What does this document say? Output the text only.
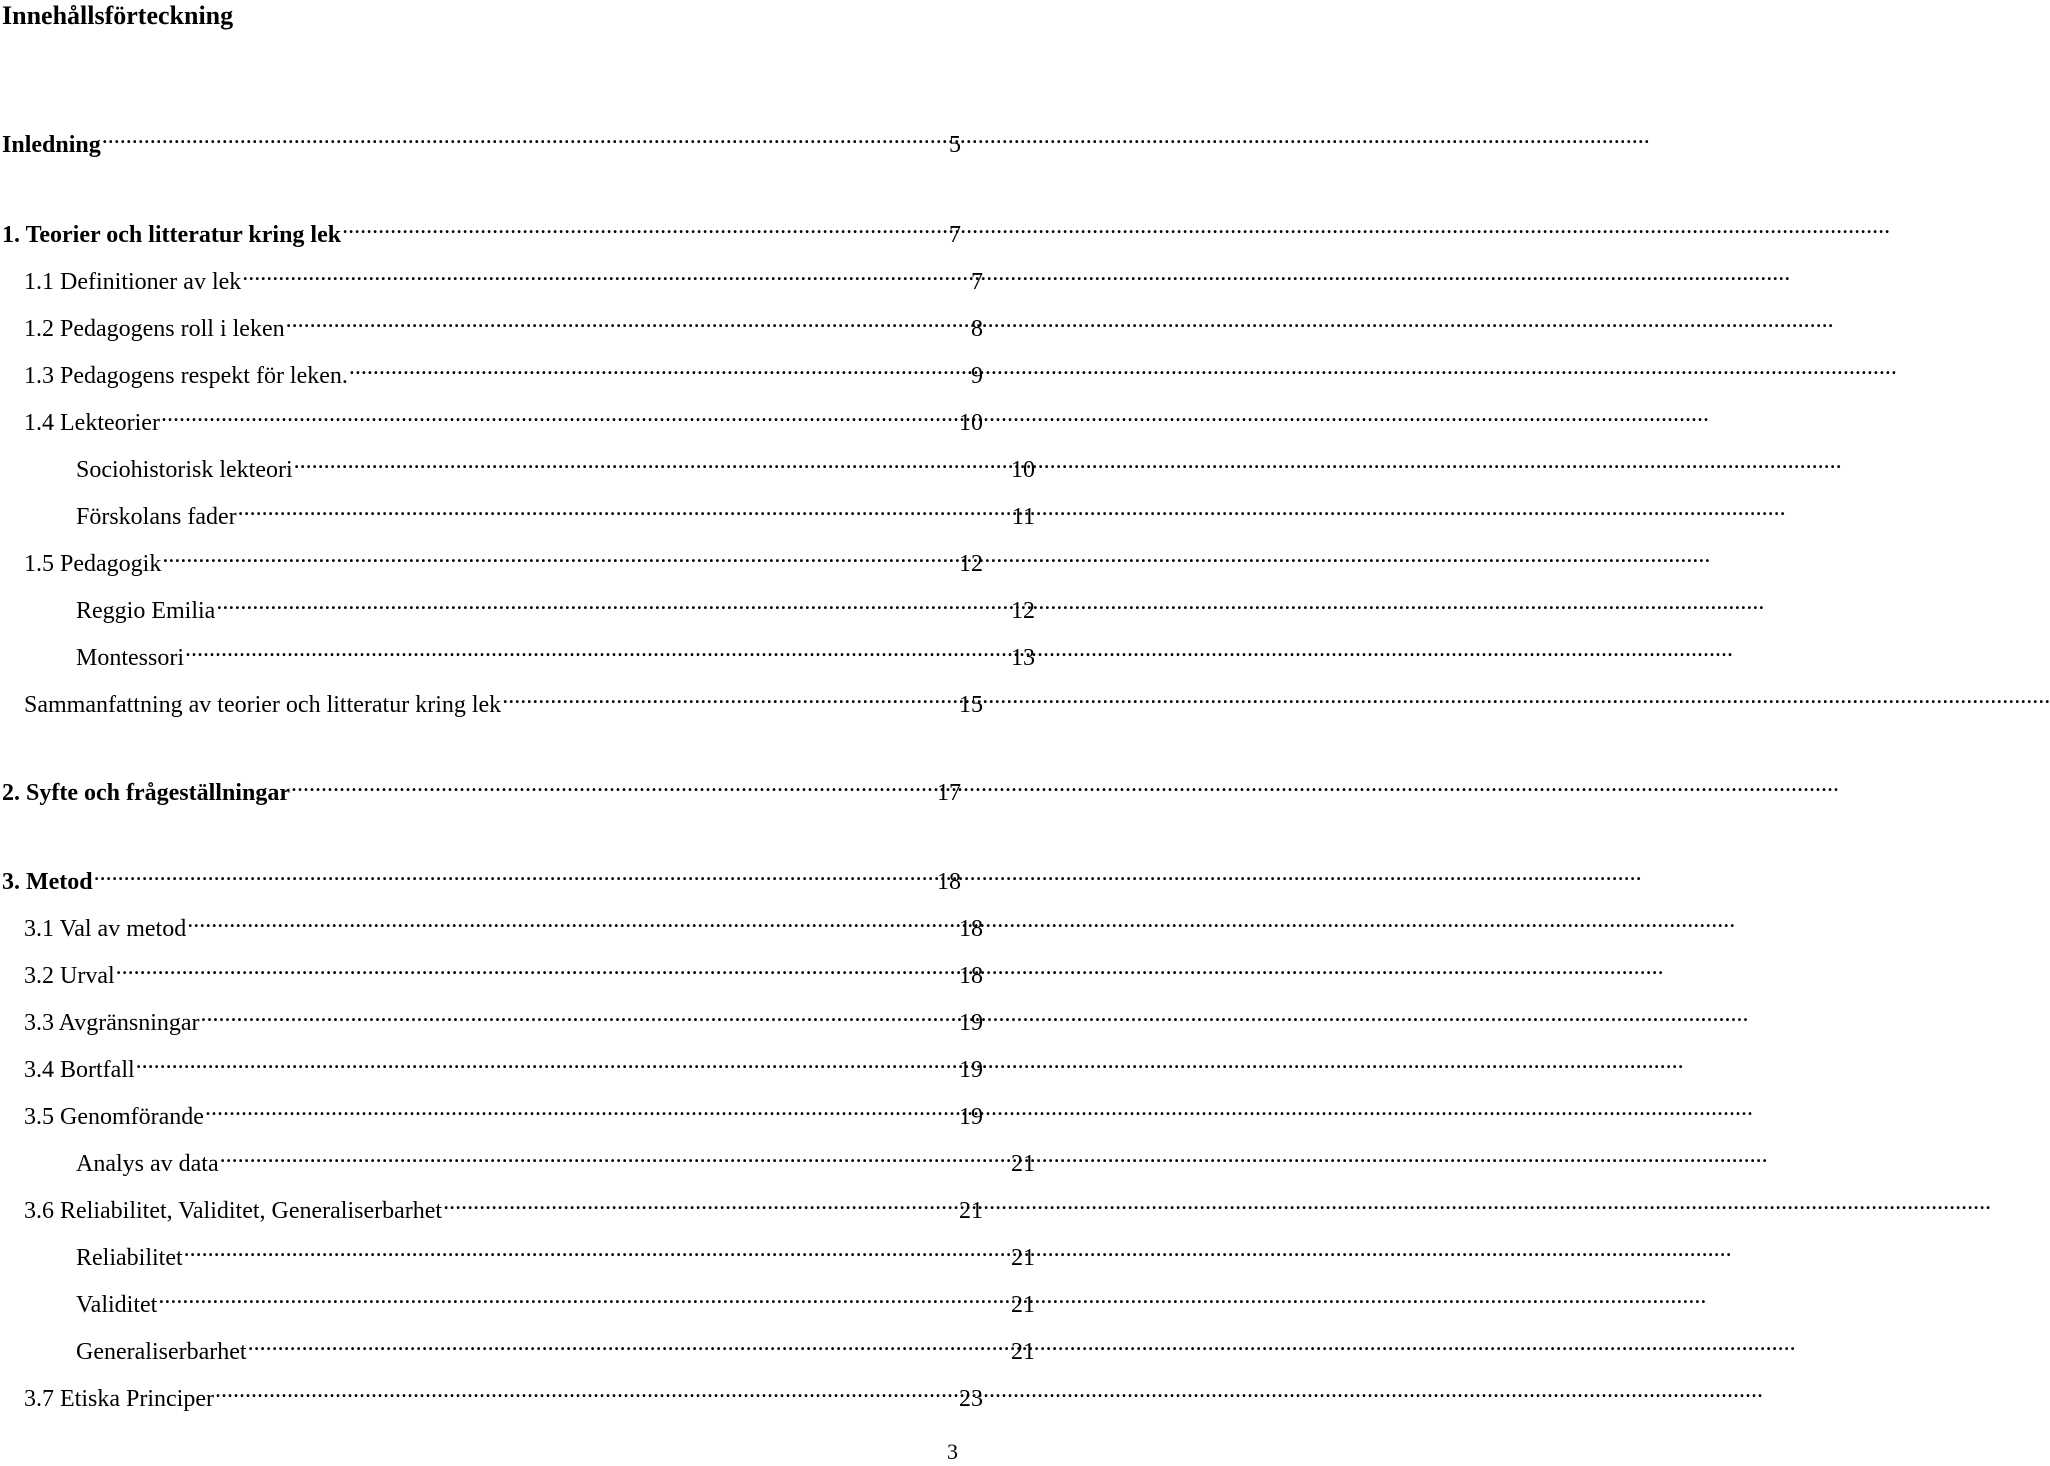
Innehållsförteckning
Inledning .....	5
1. Teorier och litteratur kring lek .....	7
1.1 Definitioner av lek .....	7
1.2 Pedagogens roll i leken .....	8
1.3 Pedagogens respekt för leken. .....	9
1.4 Lekteorier .....	10
Sociohistorisk lekteori .....	10
Förskolans fader .....	11
1.5 Pedagogik .....	12
Reggio Emilia .....	12
Montessori .....	13
Sammanfattning av teorier och litteratur kring lek .....	15
2. Syfte och frågeställningar .....	17
3. Metod .....	18
3.1 Val av metod .....	18
3.2 Urval .....	18
3.3 Avgränsningar .....	19
3.4 Bortfall .....	19
3.5 Genomförande .....	19
Analys av data .....	21
3.6 Reliabilitet, Validitet, Generaliserbarhet .....	21
Reliabilitet .....	21
Validitet .....	21
Generaliserbarhet .....	21
3.7 Etiska Principer .....	23
3
